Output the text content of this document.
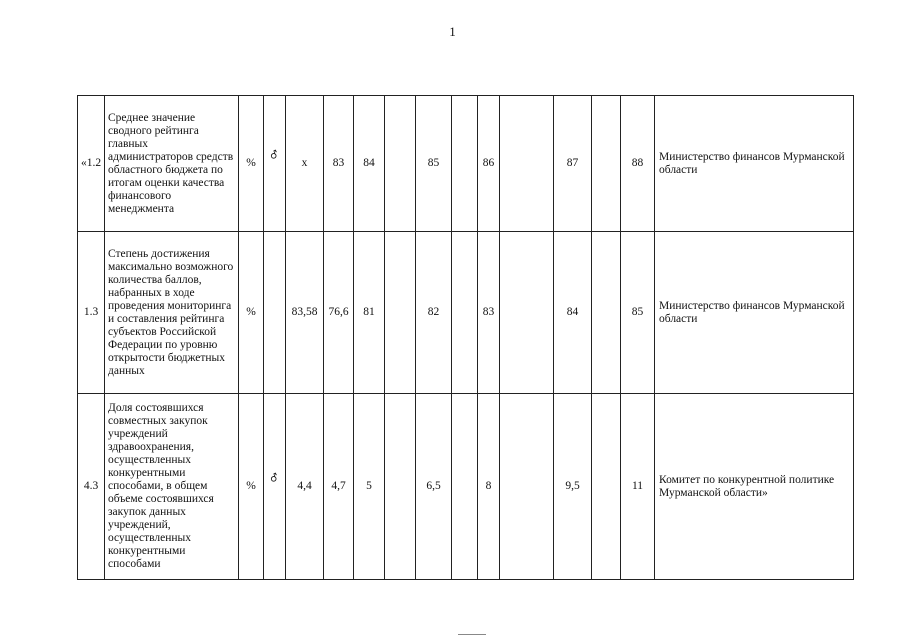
1
«1.2	Среднее значение сводного рейтинга главных администраторов средств областного бюджета по итогам оценки качества финансового менеджмента	%	♂	х	83	84		85		86		87		88	Министерство финансов Мурманской области
1.3	Степень достижения максимально возможного количества баллов, набранных в ходе проведения мониторинга и составления рейтинга субъектов Российской Федерации по уровню открытости бюджетных данных	%		83,58	76,6	81		82		83		84		85	Министерство финансов Мурманской области
4.3	Доля состоявшихся совместных закупок учреждений здравоохранения, осуществленных конкурентными способами, в общем объеме состоявшихся закупок данных учреждений, осуществленных конкурентными способами	%	♂	4,4	4,7	5		6,5		8		9,5		11	Комитет по конкурентной политике Мурманской области»
